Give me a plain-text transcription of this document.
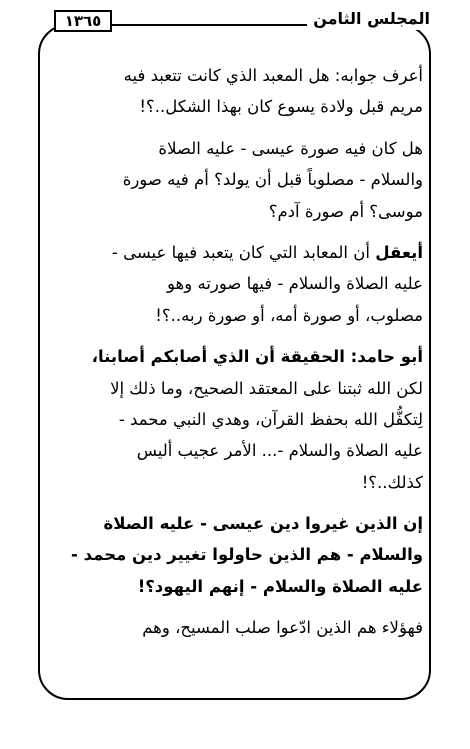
المجلس الثامن
١٣٦٥
أعرف جوابه: هل المعبد الذي كانت تتعبد فيه
مريم قبل ولادة يسوع كان بهذا الشكل..؟!
هل كان فيه صورة عيسى - عليه الصلاة
والسلام - مصلوباً قبل أن يولد؟ أم فيه صورة
موسى؟ أم صورة آدم؟
أيعقل أن المعابد التي كان يتعبد فيها عيسى -
عليه الصلاة والسلام - فيها صورته وهو
مصلوب، أو صورة أمه، أو صورة ربه..؟!
أبو حامد: الحقيقة أن الذي أصابكم أصابنا،
لكن الله ثبتنا على المعتقد الصحيح، وما ذلك إلا
لِتكفُّل الله بحفظ القرآن، وهدي النبي محمد -
عليه الصلاة والسلام -... الأمر عجيب أليس
كذلك..؟!
إن الذين غيروا دين عيسى - عليه الصلاة
والسلام - هم الذين حاولوا تغيير دين محمد -
عليه الصلاة والسلام - إنهم اليهود؟!
فهؤلاء هم الذين ادّعوا صلب المسيح، وهم
